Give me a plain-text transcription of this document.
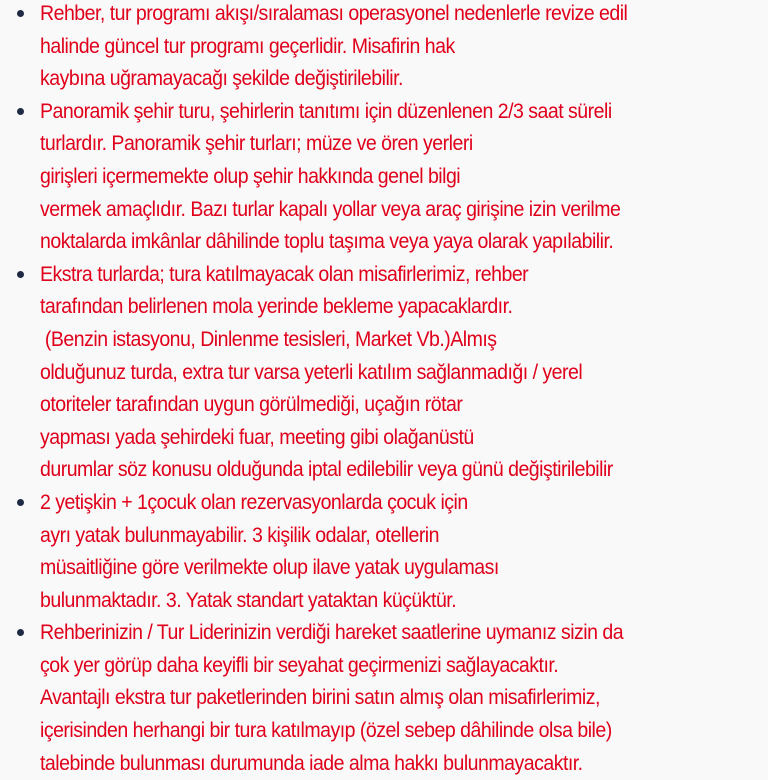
Rehber, tur programı akışı/sıralaması operasyonel nedenlerle revize edil
halinde güncel tur programı geçerlidir. Misafirin hak
kaybına uğramayacağı şekilde değiştirilebilir.
Panoramik şehir turu, şehirlerin tanıtımı için düzenlenen 2/3 saat süreli
turlardır. Panoramik şehir turları; müze ve ören yerleri
girişleri içermemekte olup şehir hakkında genel bilgi
vermek amaçlıdır. Bazı turlar kapalı yollar veya araç girişine izin verilme
noktalarda imkânlar dâhilinde toplu taşıma veya yaya olarak yapılabilir.
Ekstra turlarda; tura katılmayacak olan misafirlerimiz, rehber
tarafından belirlenen mola yerinde bekleme yapacaklardır.
(Benzin istasyonu, Dinlenme tesisleri, Market Vb.)Almış
olduğunuz turda, extra tur varsa yeterli katılım sağlanmadığı / yerel
otoriteler tarafından uygun görülmediği, uçağın rötar
yapması yada şehirdeki fuar, meeting gibi olağanüstü
durumlar söz konusu olduğunda iptal edilebilir veya günü değiştirilebilir
2 yetişkin + 1çocuk olan rezervasyonlarda çocuk için
ayrı yatak bulunmayabilir. 3 kişilik odalar, otellerin
müsaitliğine göre verilmekte olup ilave yatak uygulaması
bulunmaktadır. 3. Yatak standart yataktan küçüktür.
Rehberinizin / Tur Liderinizin verdiği hareket saatlerine uymanız sizin da
çok yer görüp daha keyifli bir seyahat geçirmenizi sağlayacaktır.
Avantajlı ekstra tur paketlerinden birini satın almış olan misafirlerimiz,
içerisinden herhangi bir tura katılmayıp (özel sebep dâhilinde olsa bile)
talebinde bulunması durumunda iade alma hakkı bulunmayacaktır.
